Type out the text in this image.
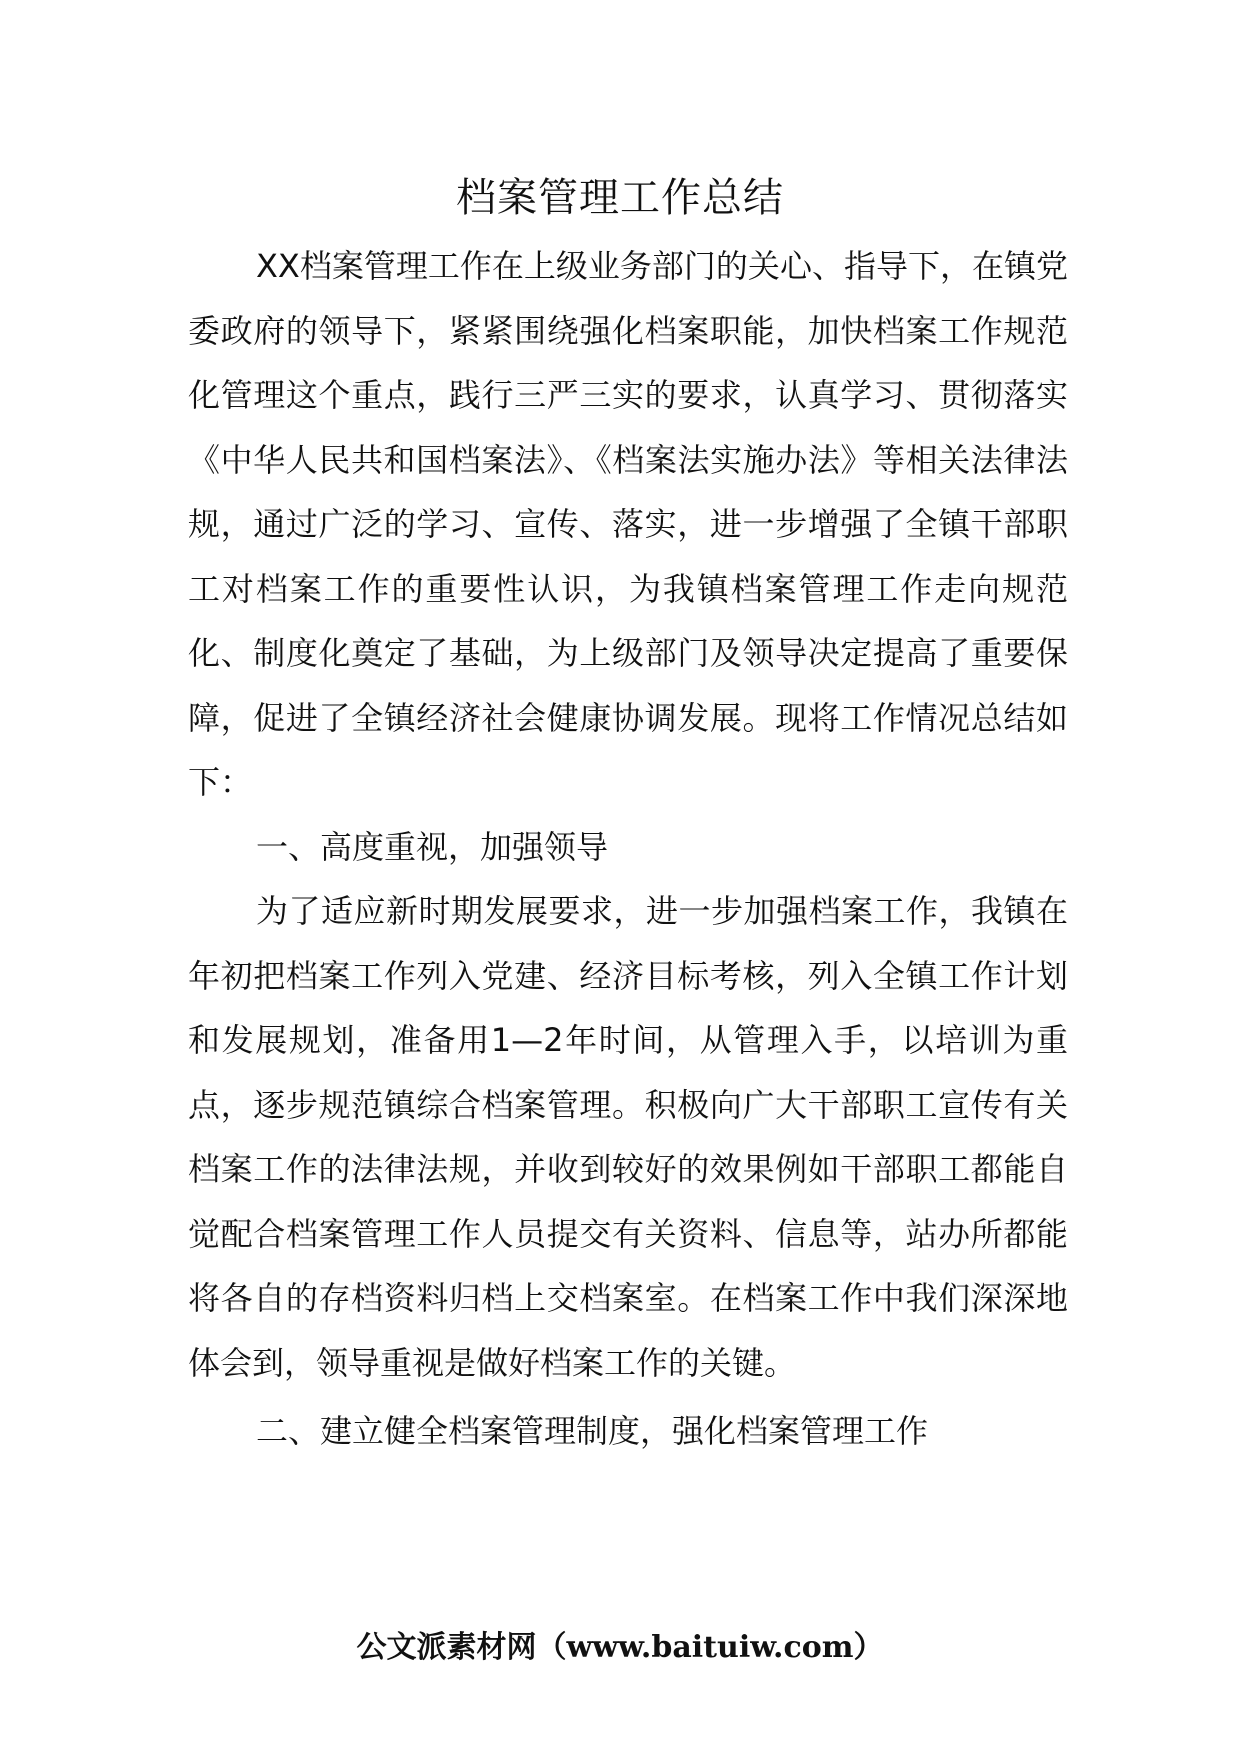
档案管理工作总结

XX档案管理工作在上级业务部门的关心、指导下，在镇党委政府的领导下，紧紧围绕强化档案职能，加快档案工作规范化管理这个重点，践行三严三实的要求，认真学习、贯彻落实《中华人民共和国档案法》、《档案法实施办法》等相关法律法规，通过广泛的学习、宣传、落实，进一步增强了全镇干部职工对档案工作的重要性认识，为我镇档案管理工作走向规范化、制度化奠定了基础，为上级部门及领导决定提高了重要保障，促进了全镇经济社会健康协调发展。现将工作情况总结如下：

一、高度重视，加强领导

为了适应新时期发展要求，进一步加强档案工作，我镇在年初把档案工作列入党建、经济目标考核，列入全镇工作计划和发展规划，准备用1—2年时间，从管理入手，以培训为重点，逐步规范镇综合档案管理。积极向广大干部职工宣传有关档案工作的法律法规，并收到较好的效果例如干部职工都能自觉配合档案管理工作人员提交有关资料、信息等，站办所都能将各自的存档资料归档上交档案室。在档案工作中我们深深地体会到，领导重视是做好档案工作的关键。

二、建立健全档案管理制度，强化档案管理工作

公文派素材网（www.baituiw.com）
